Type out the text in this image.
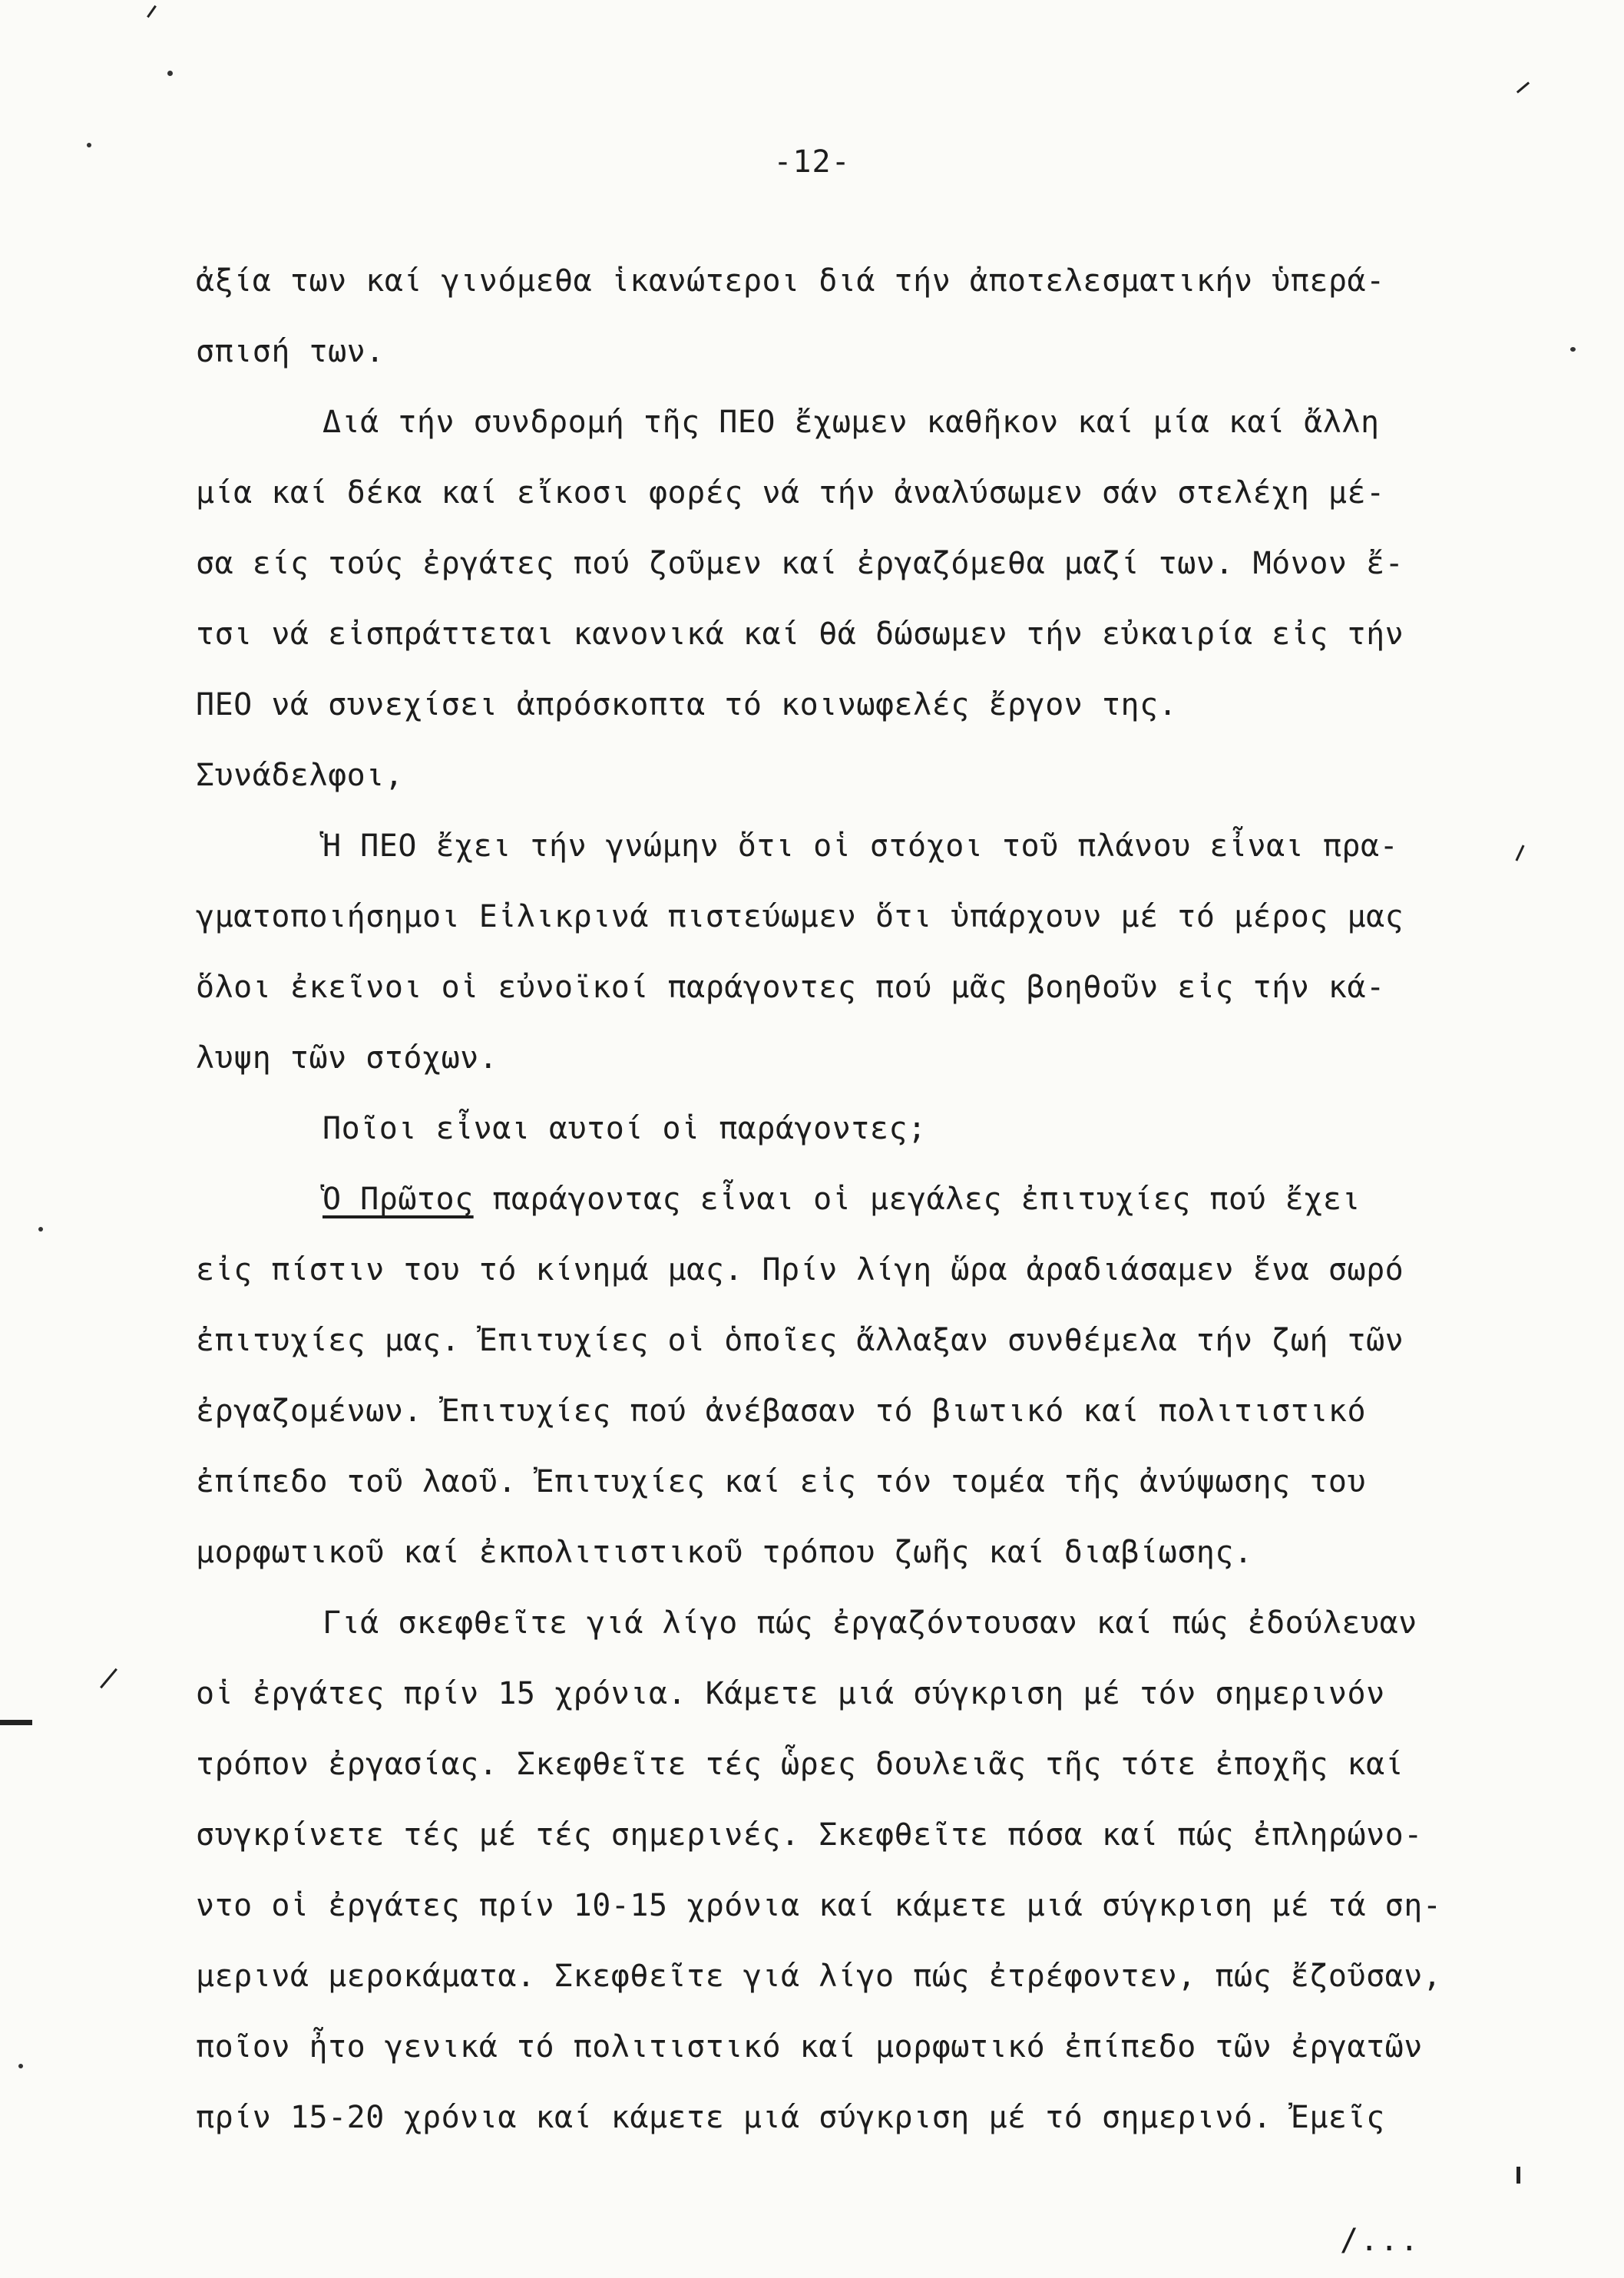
-12-
ἀξία των καί γινόμεθα ἱκανώτεροι διά τήν ἀποτελεσματικήν ὑπερά-
σπισή των.
Διά τήν συνδρομή τῆς ΠΕΟ ἔχωμεν καθῆκον καί μία καί ἄλλη
μία καί δέκα καί εἴκοσι φορές νά τήν ἀναλύσωμεν σάν στελέχη μέ-
σα είς τούς ἐργάτες πού ζοῦμεν καί ἐργαζόμεθα μαζί των. Μόνον ἔ-
τσι νά εἰσπράττεται κανονικά καί θά δώσωμεν τήν εὐκαιρία εἰς τήν
ΠΕΟ νά συνεχίσει ἀπρόσκοπτα τό κοινωφελές ἔργον της.
Συνάδελφοι,
Ἡ ΠΕΟ ἔχει τήν γνώμην ὅτι οἱ στόχοι τοῦ πλάνου εἶναι πρα-
γματοποιήσημοι Εἰλικρινά πιστεύωμεν ὅτι ὑπάρχουν μέ τό μέρος μας
ὅλοι ἐκεῖνοι οἱ εὐνοϊκοί παράγοντες πού μᾶς βοηθοῦν εἰς τήν κά-
λυψη τῶν στόχων.
Ποῖοι εἶναι αυτοί οἱ παράγοντες;
Ὁ Πρῶτος παράγοντας εἶναι οἱ μεγάλες ἐπιτυχίες πού ἔχει
εἰς πίστιν του τό κίνημά μας. Πρίν λίγη ὥρα ἀραδιάσαμεν ἕνα σωρό
ἐπιτυχίες μας. Ἐπιτυχίες οἱ ὁποῖες ἄλλαξαν συνθέμελα τήν ζωή τῶν
ἐργαζομένων. Ἐπιτυχίες πού ἀνέβασαν τό βιωτικό καί πολιτιστικό
ἐπίπεδο τοῦ λαοῦ. Ἐπιτυχίες καί εἰς τόν τομέα τῆς ἀνύψωσης του
μορφωτικοῦ καί ἐκπολιτιστικοῦ τρόπου ζωῆς καί διαβίωσης.
Γιά σκεφθεῖτε γιά λίγο πώς ἐργαζόντουσαν καί πώς ἐδούλευαν
οἱ ἐργάτες πρίν 15 χρόνια. Κάμετε μιά σύγκριση μέ τόν σημερινόν
τρόπον ἐργασίας. Σκεφθεῖτε τές ὧρες δουλειᾶς τῆς τότε ἐποχῆς καί
συγκρίνετε τές μέ τές σημερινές. Σκεφθεῖτε πόσα καί πώς ἐπληρώνο-
ντο οἱ ἐργάτες πρίν 10-15 χρόνια καί κάμετε μιά σύγκριση μέ τά ση-
μερινά μεροκάματα. Σκεφθεῖτε γιά λίγο πώς ἐτρέφοντεν, πώς ἔζοῦσαν,
ποῖον ἦτο γενικά τό πολιτιστικό καί μορφωτικό ἐπίπεδο τῶν ἐργατῶν
πρίν 15-20 χρόνια καί κάμετε μιά σύγκριση μέ τό σημερινό. Ἐμεῖς
/...
